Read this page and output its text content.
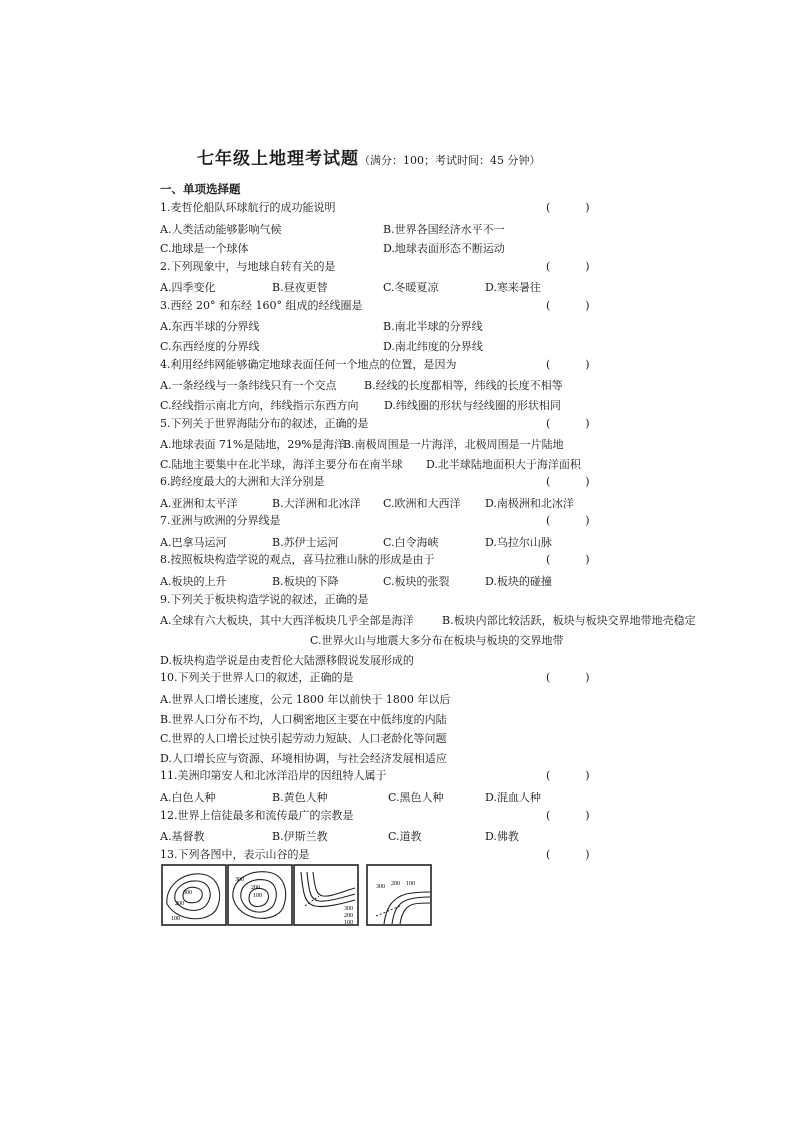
七年级上地理考试题（满分：100；考试时间：45 分钟）
一、单项选择题
1.麦哲伦船队环球航行的成功能说明	(          )
A.人类活动能够影响气候	B.世界各国经济水平不一
C.地球是一个球体	D.地球表面形态不断运动
2.下列现象中，与地球自转有关的是	(          )
A.四季变化	B.昼夜更替	C.冬暖夏凉	D.寒来暑往
3.西经 20° 和东经 160° 组成的经线圈是	(          )
A.东西半球的分界线	B.南北半球的分界线
C.东西经度的分界线	D.南北纬度的分界线
4.利用经纬网能够确定地球表面任何一个地点的位置，是因为	(          )
A.一条经线与一条纬线只有一个交点	B.经线的长度都相等，纬线的长度不相等
C.经线指示南北方向，纬线指示东西方向 D.纬线圈的形状与经线圈的形状相同
5.下列关于世界海陆分布的叙述，正确的是	(          )
A.地球表面 71%是陆地，29%是海洋
B.南极周围是一片海洋，北极周围是一片陆地
C.陆地主要集中在北半球，海洋主要分布在南半球 D.北半球陆地面积大于海洋面积
6.跨经度最大的大洲和大洋分别是	(          )
A.亚洲和太平洋	B.大洋洲和北冰洋 C.欧洲和大西洋 D.南极洲和北冰洋
7.亚洲与欧洲的分界线是	(          )
A.巴拿马运河	B.苏伊士运河	C.白令海峡	D.乌拉尔山脉
8.按照板块构造学说的观点，喜马拉雅山脉的形成是由于	(          )
A.板块的上升	B.板块的下降	C.板块的张裂	D.板块的碰撞
9.下列关于板块构造学说的叙述，正确的是
A.全球有六大板块，其中大西洋板块几乎全部是海洋	B.板块内部比较活跃，板块与板块交界地带地壳稳定
C.世界火山与地震大多分布在板块与板块的交界地带
D.板块构造学说是由麦哲伦大陆漂移假说发展形成的
10.下列关于世界人口的叙述，正确的是	(          )
A.世界人口增长速度，公元 1800 年以前快于 1800 年以后
B.世界人口分布不均，人口稠密地区主要在中低纬度的内陆
C.世界的人口增长过快引起劳动力短缺、人口老龄化等问题
D.人口增长应与资源、环境相协调，与社会经济发展相适应
11.美洲印第安人和北冰洋沿岸的因纽特人属于	(          )
A.白色人种	B.黄色人种	C.黑色人种	D.混血人种
12.世界上信徒最多和流传最广的宗教是	(          )
A.基督教	B.伊斯兰教	C.道教	D.佛教
13.下列各图中，表示山谷的是	(          )
300
200
100
300
200
100
300
200
100
300 200 100
